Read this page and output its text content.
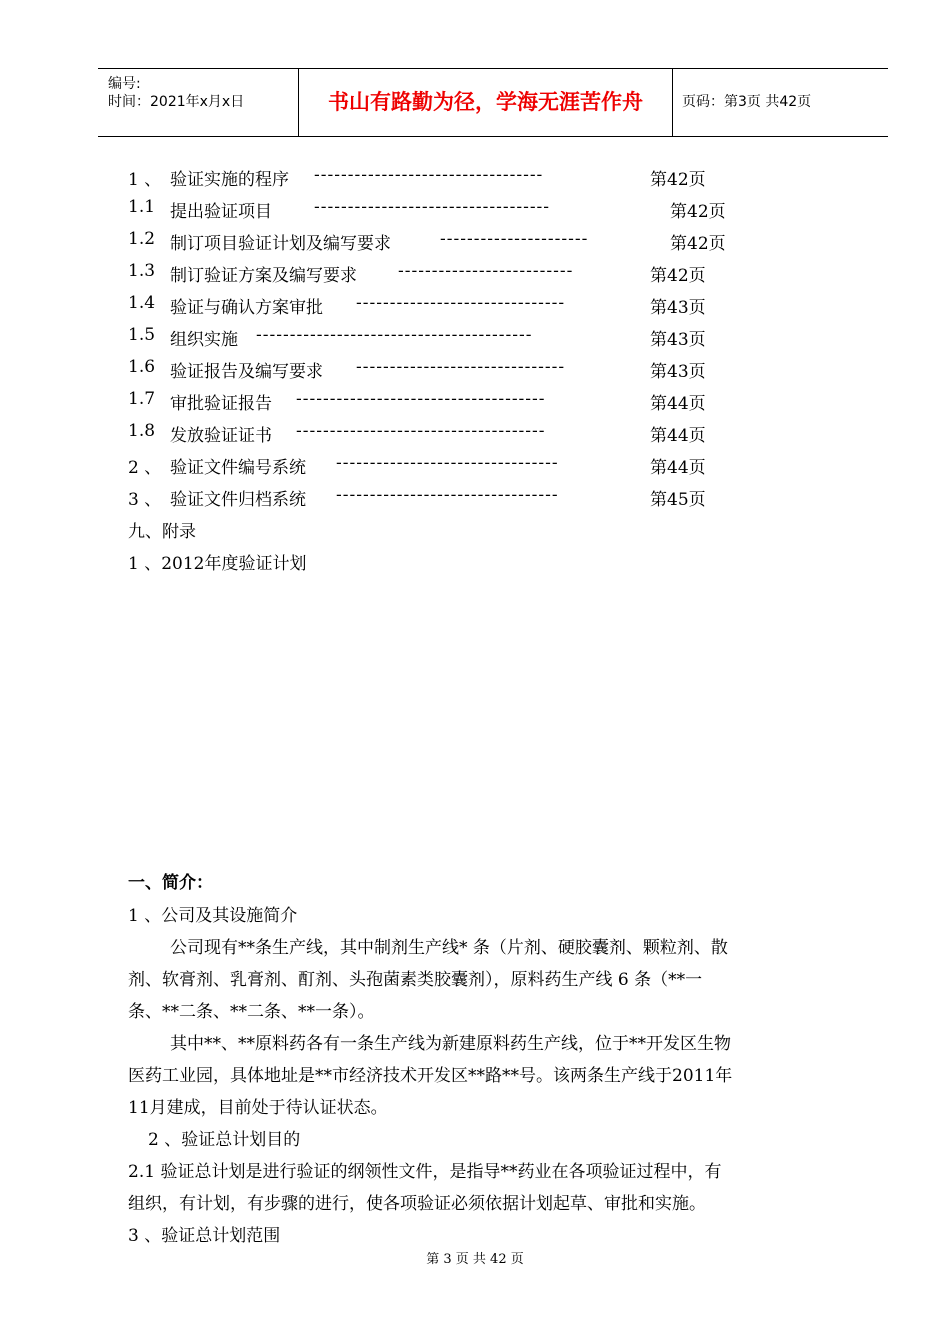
编号:
时间：2021年x月x日	书山有路勤为径，学海无涯苦作舟	页码：第3页 共42页
1 、 验证实施的程序 ----------------------------------	第42页
1.1 提出验证项目 -----------------------------------	第42页
1.2 制订项目验证计划及编写要求	----------------------	第42页
1.3 制订验证方案及编写要求 --------------------------	第42页
1.4 验证与确认方案审批 -------------------------------	第43页
1.5 组织实施 -----------------------------------------	第43页
1.6 验证报告及编写要求 -------------------------------	第43页
1.7 审批验证报告 -------------------------------------	第44页
1.8 发放验证证书 -------------------------------------	第44页
2 、 验证文件编号系统 ---------------------------------	第44页
3 、 验证文件归档系统 ---------------------------------	第45页
九、附录
1 、2012年度验证计划
一、简介：
1 、公司及其设施简介
公司现有**条生产线，其中制剂生产线* 条（片剂、硬胶囊剂、颗粒剂、散
剂、软膏剂、乳膏剂、酊剂、头孢菌素类胶囊剂），原料药生产线 6 条（**一
条、**二条、**二条、**一条）。
其中**、**原料药各有一条生产线为新建原料药生产线，位于**开发区生物
医药工业园，具体地址是**市经济技术开发区**路**号。该两条生产线于2011年
11月建成，目前处于待认证状态。
2 、验证总计划目的
2.1 验证总计划是进行验证的纲领性文件，是指导**药业在各项验证过程中，有
组织，有计划，有步骤的进行，使各项验证必须依据计划起草、审批和实施。
3 、验证总计划范围
第 3 页 共 42 页
